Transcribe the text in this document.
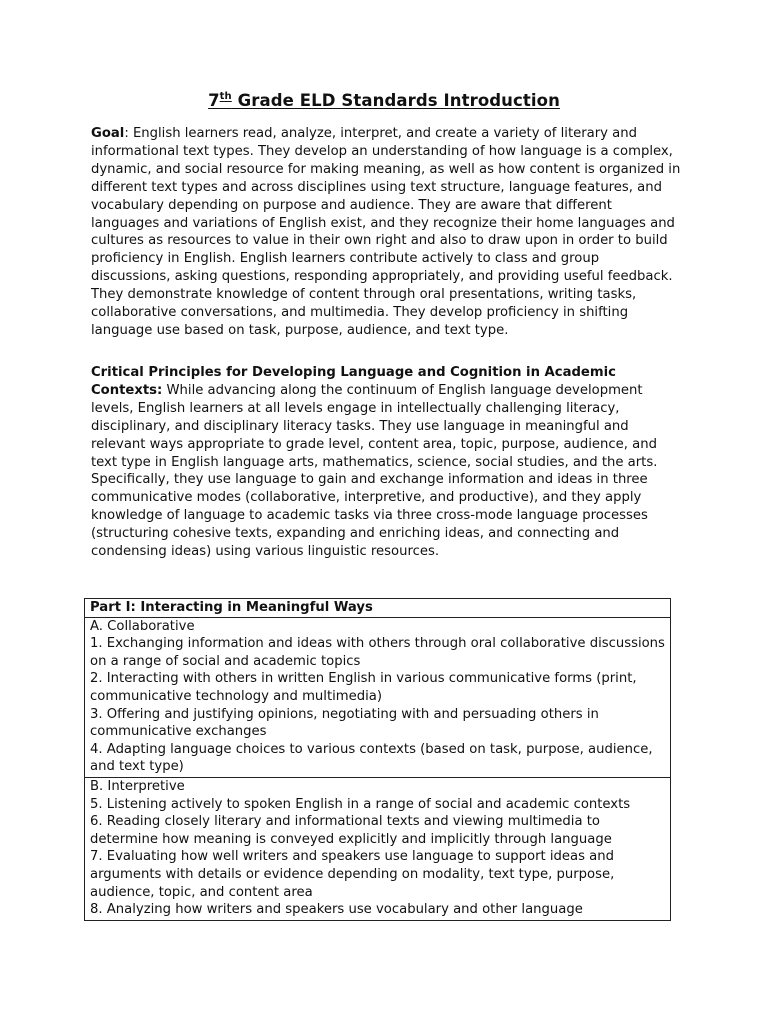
7th Grade ELD Standards Introduction

Goal: English learners read, analyze, interpret, and create a variety of literary and informational text types. They develop an understanding of how language is a complex, dynamic, and social resource for making meaning, as well as how content is organized in different text types and across disciplines using text structure, language features, and vocabulary depending on purpose and audience. They are aware that different languages and variations of English exist, and they recognize their home languages and cultures as resources to value in their own right and also to draw upon in order to build proficiency in English. English learners contribute actively to class and group discussions, asking questions, responding appropriately, and providing useful feedback. They demonstrate knowledge of content through oral presentations, writing tasks, collaborative conversations, and multimedia. They develop proficiency in shifting language use based on task, purpose, audience, and text type.

Critical Principles for Developing Language and Cognition in Academic Contexts: While advancing along the continuum of English language development levels, English learners at all levels engage in intellectually challenging literacy, disciplinary, and disciplinary literacy tasks. They use language in meaningful and relevant ways appropriate to grade level, content area, topic, purpose, audience, and text type in English language arts, mathematics, science, social studies, and the arts. Specifically, they use language to gain and exchange information and ideas in three communicative modes (collaborative, interpretive, and productive), and they apply knowledge of language to academic tasks via three cross-mode language processes (structuring cohesive texts, expanding and enriching ideas, and connecting and condensing ideas) using various linguistic resources.

Part I: Interacting in Meaningful Ways

A. Collaborative
1. Exchanging information and ideas with others through oral collaborative discussions on a range of social and academic topics
2. Interacting with others in written English in various communicative forms (print, communicative technology and multimedia)
3. Offering and justifying opinions, negotiating with and persuading others in communicative exchanges
4. Adapting language choices to various contexts (based on task, purpose, audience, and text type)

B. Interpretive
5. Listening actively to spoken English in a range of social and academic contexts
6. Reading closely literary and informational texts and viewing multimedia to determine how meaning is conveyed explicitly and implicitly through language
7. Evaluating how well writers and speakers use language to support ideas and arguments with details or evidence depending on modality, text type, purpose, audience, topic, and content area
8. Analyzing how writers and speakers use vocabulary and other language
